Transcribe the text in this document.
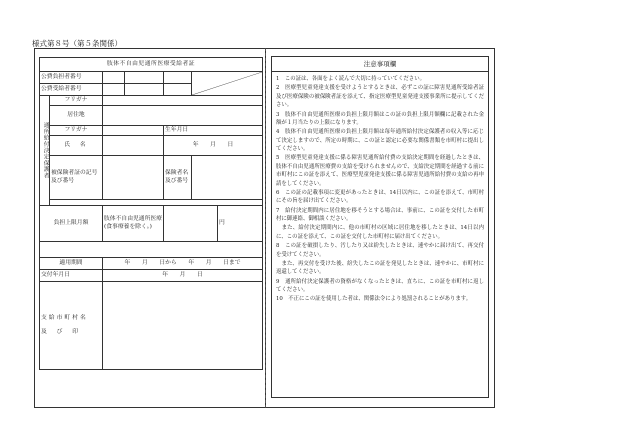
様式第８号（第５条関係）
肢体不自由児通所医療受給者証						
公費負担者番号				

公費受給者番号						
通所給付決定保護者	フリガナ					
	居住地					
	フリガナ			生年月日		
	氏　名			年　　月　　日		
	被保険者証の記号及び番号			保険者名及び番号		

負担上限月額		肢体不自由児通所医療(食事療養を除く。)				円

適用期間		年　　月　　日から　　年　　月　　日まで				
交付年月日		年　　月　　日				

支給市町村名
及　び　印						

注意事項欄

1　この証は、各面をよく読んで大切に持っていてください。

2　医療型児童発達支援を受けようとするときは、必ずこの証に障害児通所受給者証及び医療保険の被保険者証を添えて、指定医療型児童発達支援事業所に提示してください。

3　肢体不自由児通所医療の負担上限月額はこの証の負担上限月額欄に記載された金額が１月当たりの上限になります。

4　肢体不自由児通所医療の負担上限月額は毎年通所給付決定保護者の収入等に応じて決定しますので、所定の時期に、この証と認定に必要な関係書類を市町村に提出してください。

5　医療型児童発達支援に係る障害児通所給付費の支給決定期間を経過したときは、肢体不自由児通所医療費の支給を受けられませんので、支給決定期間を経過する前に市町村にこの証を添えて、医療型児童発達支援に係る障害児通所給付費の支給の再申請をしてください。

6　この証の記載事項に変更があったときは、14日以内に、この証を添えて、市町村にその旨を届け出てください。

7　給付決定期間内に居住地を移そうとする場合は、事前に、この証を交付した市町村に御連絡、御相談ください。

　また、給付決定期間内に、他の市町村の区域に居住地を移したときは、14日以内に、この証を添えて、この証を交付した市町村に届け出てください。

8　この証を破損したり、汚したり又は紛失したときは、速やかに届け出て、再交付を受けてください。

　また、再交付を受けた後、紛失したこの証を発見したときは、速やかに、市町村に返還してください。

9　通所給付決定保護者の資格がなくなったときは、直ちに、この証を市町村に返してください。

10　不正にこの証を使用した者は、関係法令により処罰されることがあります。
